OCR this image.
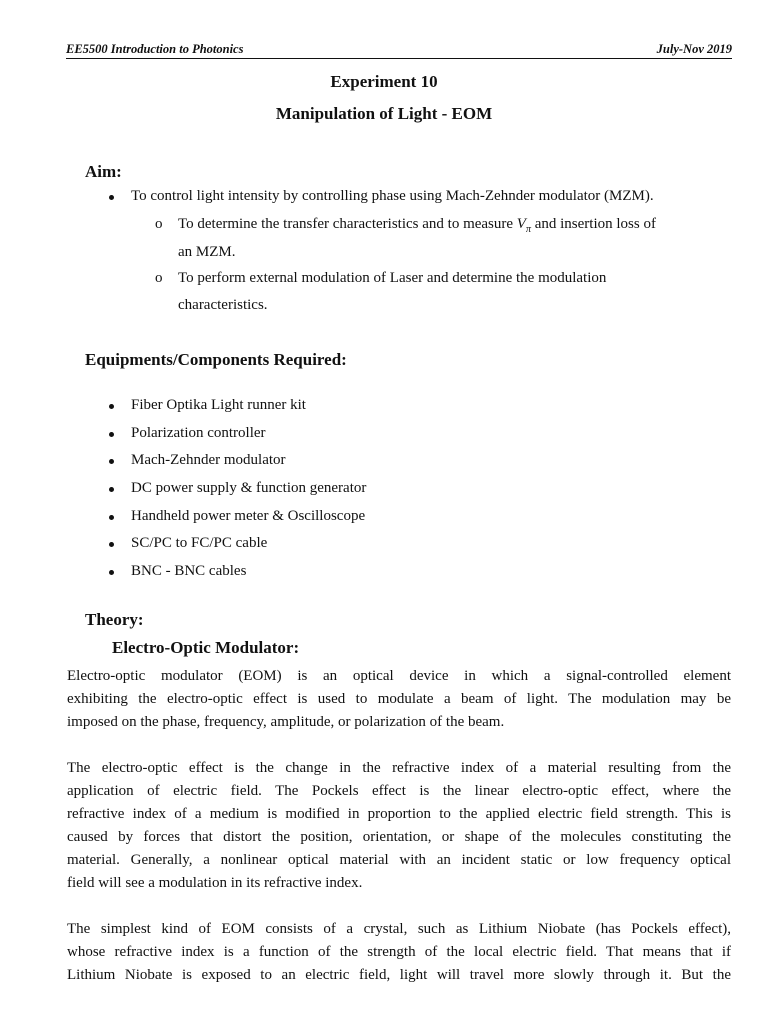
EE5500 Introduction to Photonics	July-Nov 2019
Experiment 10
Manipulation of Light - EOM
Aim:
To control light intensity by controlling phase using Mach-Zehnder modulator (MZM).
o To determine the transfer characteristics and to measure $V_\pi$ and insertion loss of
an MZM.
o To perform external modulation of Laser and determine the modulation
characteristics.
Equipments/Components Required:
Fiber Optika Light runner kit
Polarization controller
Mach-Zehnder modulator
DC power supply & function generator
Handheld power meter & Oscilloscope
SC/PC to FC/PC cable
BNC - BNC cables
Theory:
Electro-Optic Modulator:
Electro-optic modulator (EOM) is an optical device in which a signal-controlled element
exhibiting the electro-optic effect is used to modulate a beam of light. The modulation may be
imposed on the phase, frequency, amplitude, or polarization of the beam.
The electro-optic effect is the change in the refractive index of a material resulting from the
application of electric field. The Pockels effect is the linear electro-optic effect, where the
refractive index of a medium is modified in proportion to the applied electric field strength. This is
caused by forces that distort the position, orientation, or shape of the molecules constituting the
material. Generally, a nonlinear optical material with an incident static or low frequency optical
field will see a modulation in its refractive index.
The simplest kind of EOM consists of a crystal, such as Lithium Niobate (has Pockels effect),
whose refractive index is a function of the strength of the local electric field. That means that if
Lithium Niobate is exposed to an electric field, light will travel more slowly through it. But the
